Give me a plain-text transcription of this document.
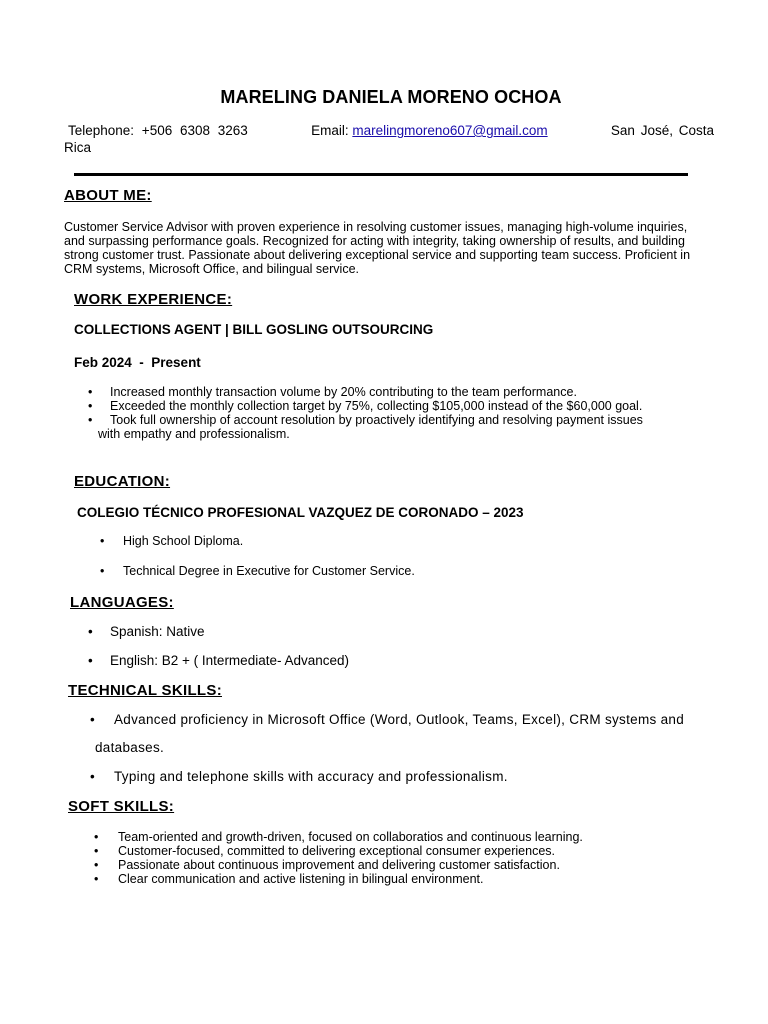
MARELING DANIELA MORENO OCHOA
Telephone: +506 6308 3263	Email: marelingmoreno607@gmail.com	San José, Costa
Rica
ABOUT ME:
Customer Service Advisor with proven experience in resolving customer issues, managing high-volume inquiries,
and surpassing performance goals. Recognized for acting with integrity, taking ownership of results, and building
strong customer trust. Passionate about delivering exceptional service and supporting team success. Proficient in
CRM systems, Microsoft Office, and bilingual service.
WORK EXPERIENCE:
COLLECTIONS AGENT | BILL GOSLING OUTSOURCING
Feb 2024  -  Present
• Increased monthly transaction volume by 20% contributing to the team performance.
• Exceeded the monthly collection target by 75%, collecting $105,000 instead of the $60,000 goal.
• Took full ownership of account resolution by proactively identifying and resolving payment issues
with empathy and professionalism.
EDUCATION:
COLEGIO TÉCNICO PROFESIONAL VAZQUEZ DE CORONADO – 2023
• High School Diploma.
• Technical Degree in Executive for Customer Service.
LANGUAGES:
• Spanish: Native
• English: B2 + ( Intermediate- Advanced)
TECHNICAL SKILLS:
• Advanced proficiency in Microsoft Office (Word, Outlook, Teams, Excel), CRM systems and
databases.
• Typing and telephone skills with accuracy and professionalism.
SOFT SKILLS:
• Team-oriented and growth-driven, focused on collaboratios and continuous learning.
• Customer-focused, committed to delivering exceptional consumer experiences.
• Passionate about continuous improvement and delivering customer satisfaction.
• Clear communication and active listening in bilingual environment.
